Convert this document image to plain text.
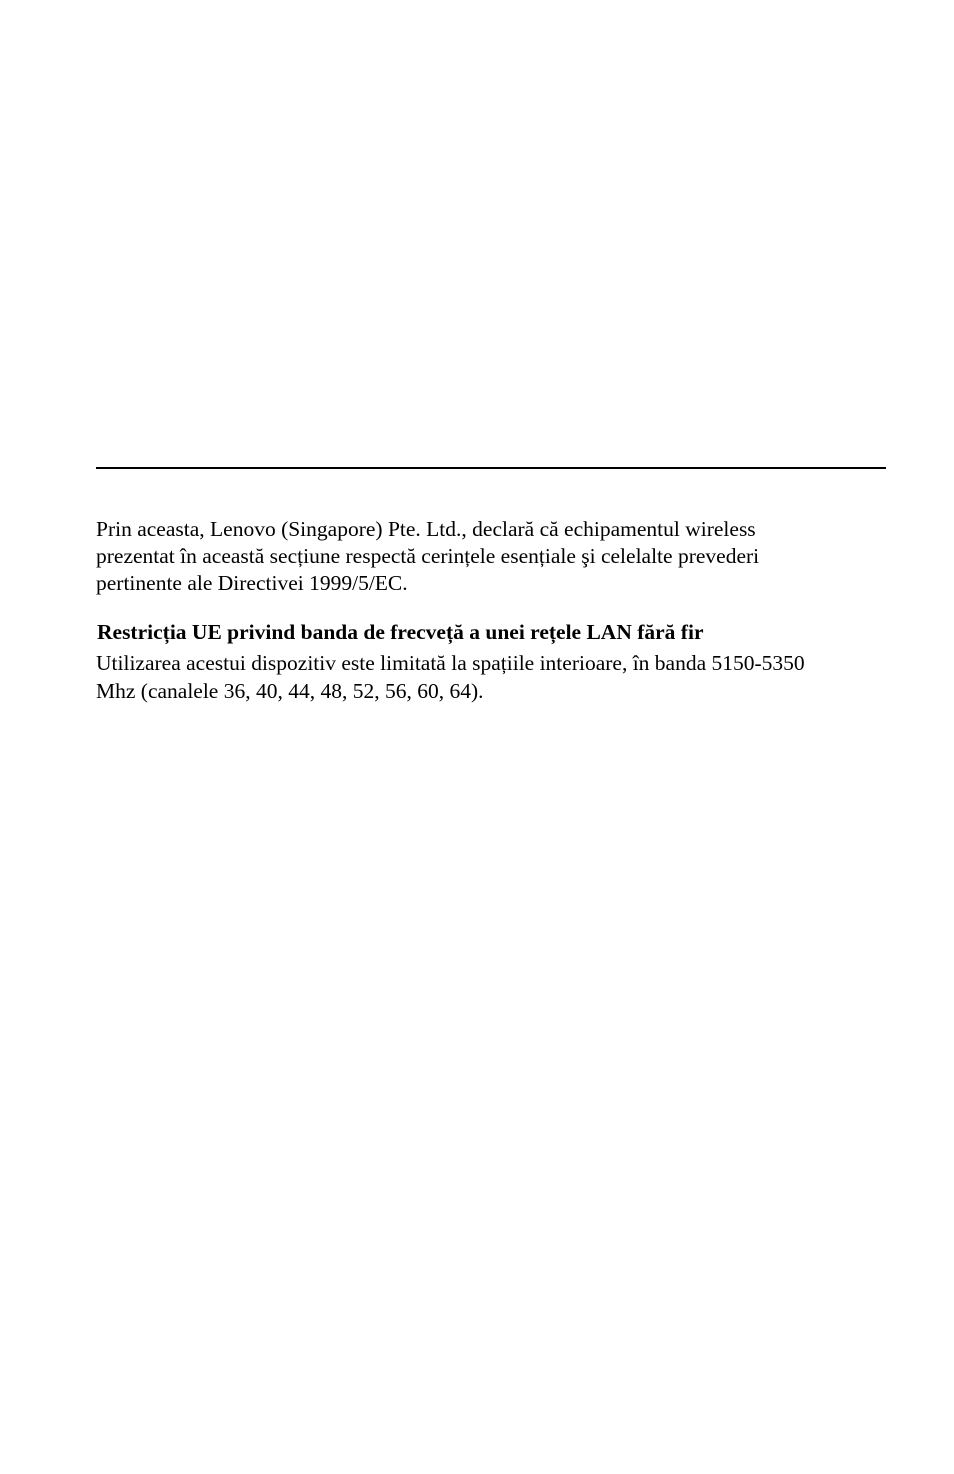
Prin aceasta, Lenovo (Singapore) Pte. Ltd., declară că echipamentul wireless
prezentat în această secțiune respectă cerințele esențiale şi celelalte prevederi
pertinente ale Directivei 1999/5/EC.

Restricția UE privind banda de frecveță a unei rețele LAN fără fir

Utilizarea acestui dispozitiv este limitată la spațiile interioare, în banda 5150-5350
Mhz (canalele 36, 40, 44, 48, 52, 56, 60, 64).
